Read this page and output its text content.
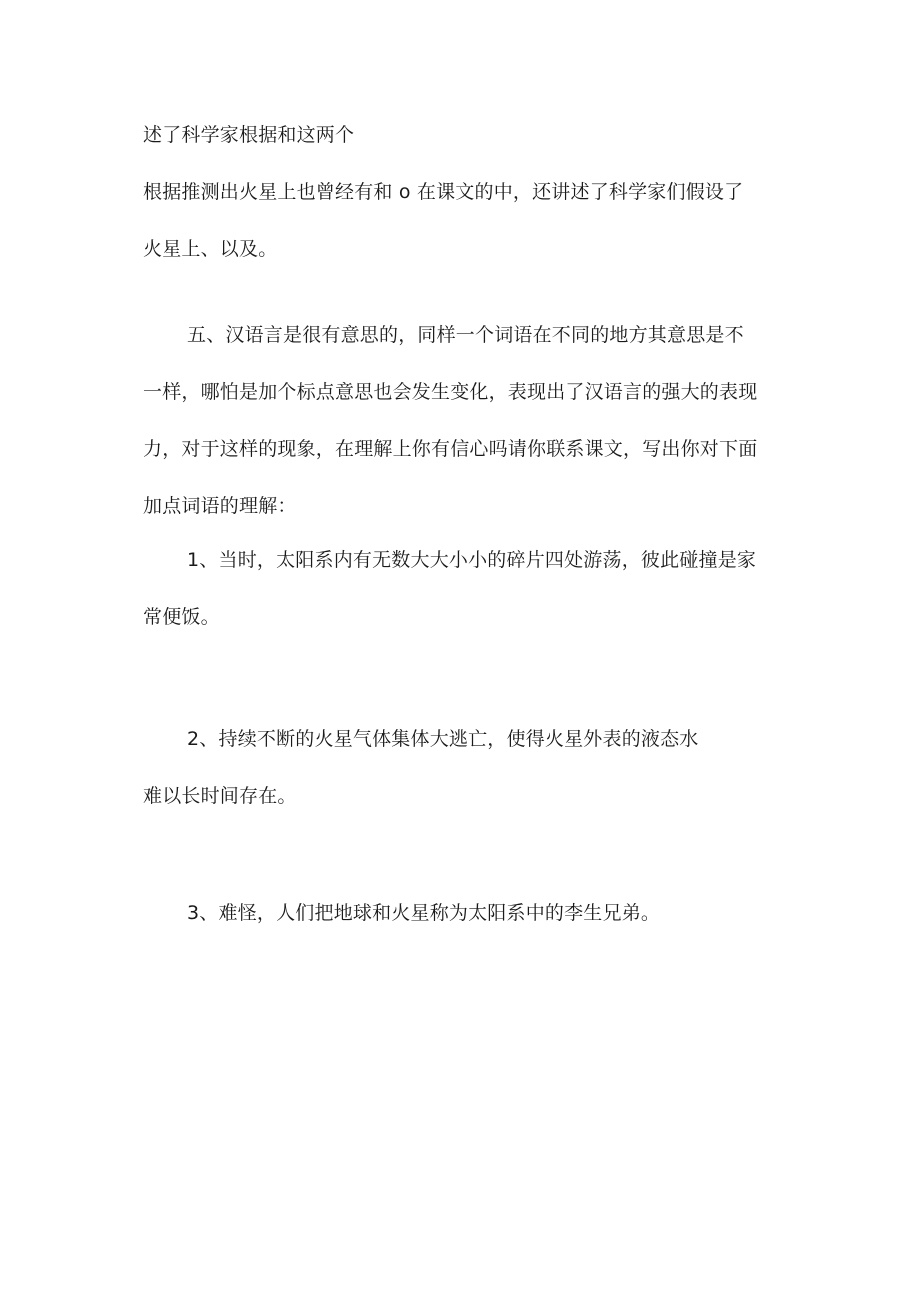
述了科学家根据和这两个
根据推测出火星上也曾经有和 o 在课文的中，还讲述了科学家们假设了
火星上、以及。
五、汉语言是很有意思的，同样一个词语在不同的地方其意思是不
一样，哪怕是加个标点意思也会发生变化，表现出了汉语言的强大的表现
力，对于这样的现象，在理解上你有信心吗请你联系课文，写出你对下面
加点词语的理解：
1、当时，太阳系内有无数大大小小的碎片四处游荡，彼此碰撞是家
常便饭。
2、持续不断的火星气体集体大逃亡，使得火星外表的液态水
难以长时间存在。
3、难怪，人们把地球和火星称为太阳系中的李生兄弟。
